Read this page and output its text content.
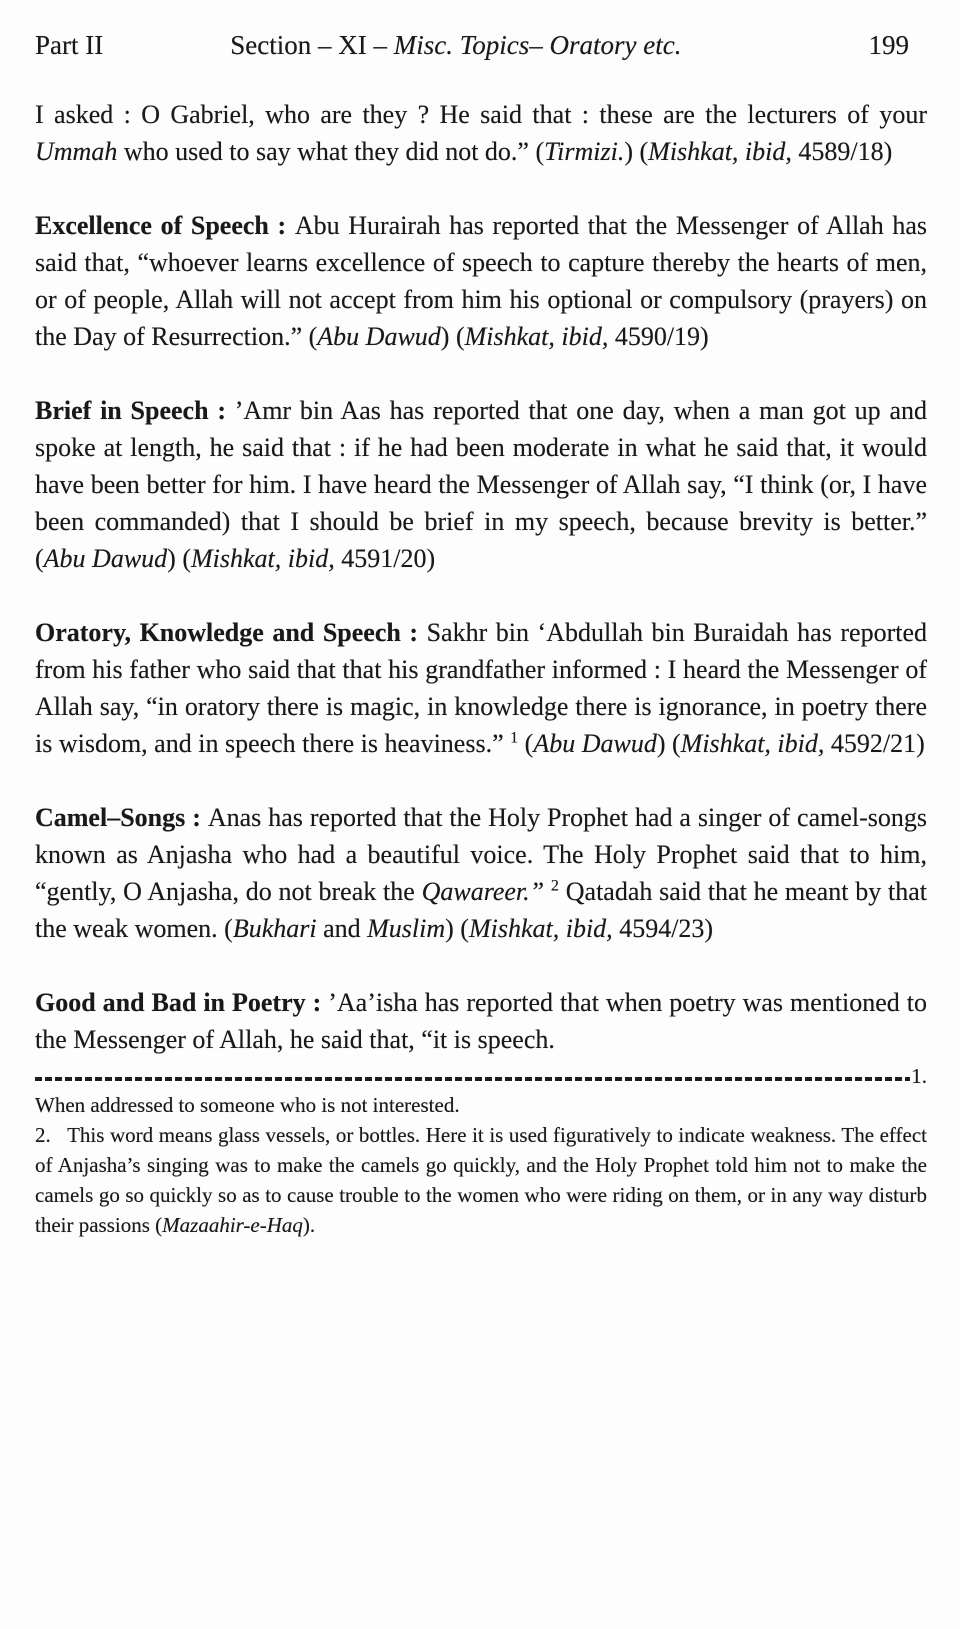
Part II	Section – XI – Misc. Topics– Oratory etc.	199

I asked : O Gabriel, who are they ? He said that : these are the lecturers of your Ummah who used to say what they did not do.” (Tirmizi.) (Mishkat, ibid, 4589/18)

Excellence of Speech : Abu Hurairah has reported that the Messenger of Allah has said that, “whoever learns excellence of speech to capture thereby the hearts of men, or of people, Allah will not accept from him his optional or compulsory (prayers) on the Day of Resurrection.” (Abu Dawud) (Mishkat, ibid, 4590/19)

Brief in Speech : ’Amr bin Aas has reported that one day, when a man got up and spoke at length, he said that : if he had been moderate in what he said that, it would have been better for him. I have heard the Messenger of Allah say, “I think (or, I have been commanded) that I should be brief in my speech, because brevity is better.” (Abu Dawud) (Mishkat, ibid, 4591/20)

Oratory, Knowledge and Speech : Sakhr bin ‘Abdullah bin Buraidah has reported from his father who said that that his grandfather informed : I heard the Messenger of Allah say, “in oratory there is magic, in knowledge there is ignorance, in poetry there is wisdom, and in speech there is heaviness.” $^1$ (Abu Dawud) (Mishkat, ibid, 4592/21)

Camel–Songs : Anas has reported that the Holy Prophet had a singer of camel-songs known as Anjasha who had a beautiful voice. The Holy Prophet said that to him, “gently, O Anjasha, do not break the Qawareer.” $^2$ Qatadah said that he meant by that the weak women. (Bukhari and Muslim) (Mishkat, ibid, 4594/23)

Good and Bad in Poetry : ’Aa’isha has reported that when poetry was mentioned to the Messenger of Allah, he said that, “it is speech.

1.

When addressed to someone who is not interested.

2.   This word means glass vessels, or bottles. Here it is used figuratively to indicate weakness. The effect of Anjasha’s singing was to make the camels go quickly, and the Holy Prophet told him not to make the camels go so quickly so as to cause trouble to the women who were riding on them, or in any way disturb their passions (Mazaahir-e-Haq).
